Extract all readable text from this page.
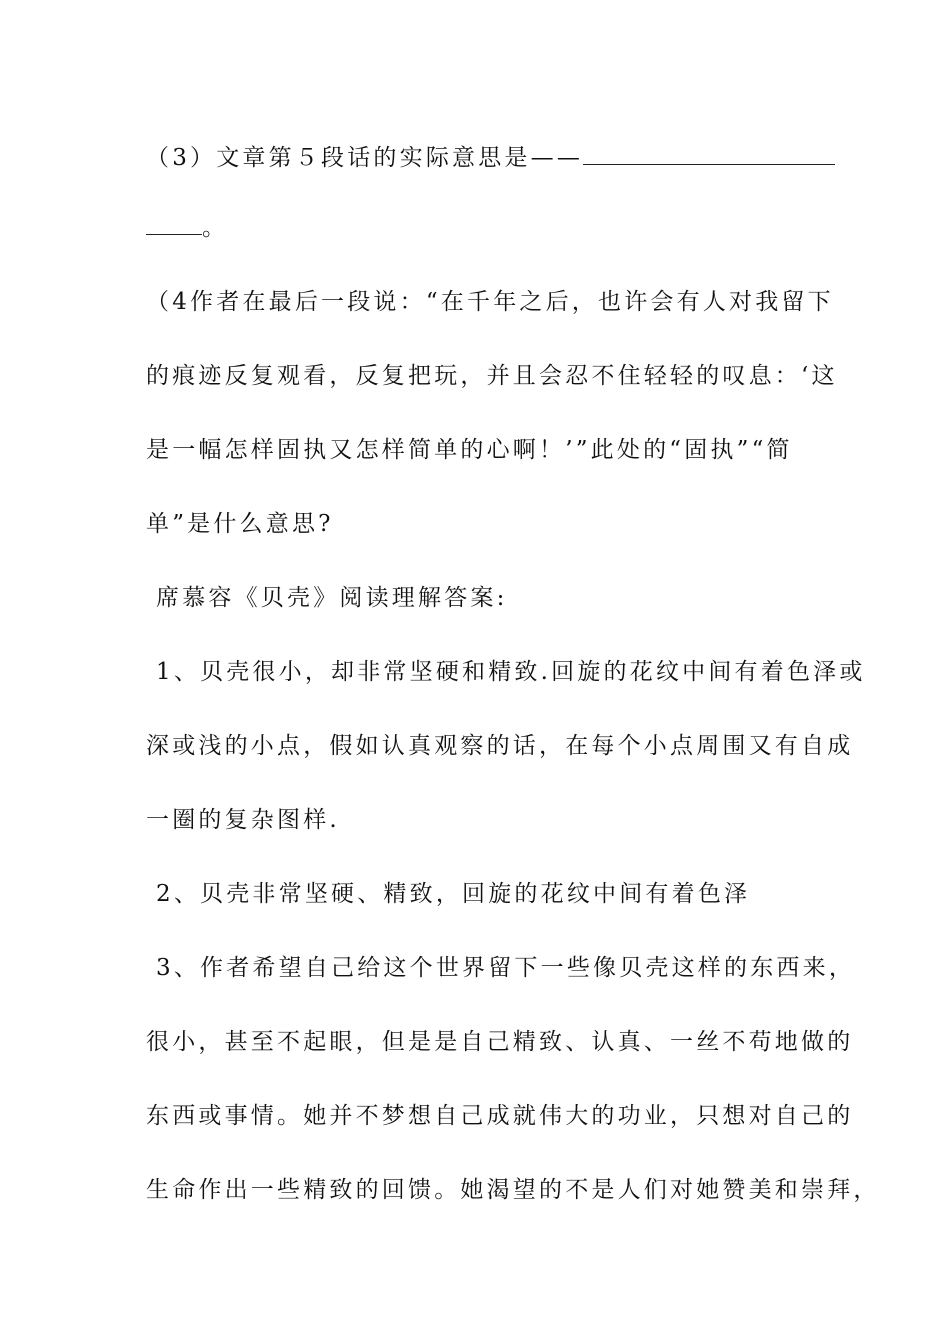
（3）文章第５段话的实际意思是——
。
（4作者在最后一段说：“在千年之后，也许会有人对我留下
的痕迹反复观看，反复把玩，并且会忍不住轻轻的叹息：‘这
是一幅怎样固执又怎样简单的心啊！’”此处的“固执”“简
单”是什么意思?
席慕容《贝壳》阅读理解答案:
1、贝壳很小，却非常坚硬和精致.回旋的花纹中间有着色泽或
深或浅的小点，假如认真观察的话，在每个小点周围又有自成
一圈的复杂图样.
2、贝壳非常坚硬、精致，回旋的花纹中间有着色泽
3、作者希望自己给这个世界留下一些像贝壳这样的东西来，
很小，甚至不起眼，但是是自己精致、认真、一丝不苟地做的
东西或事情。她并不梦想自己成就伟大的功业，只想对自己的
生命作出一些精致的回馈。她渴望的不是人们对她赞美和崇拜，
